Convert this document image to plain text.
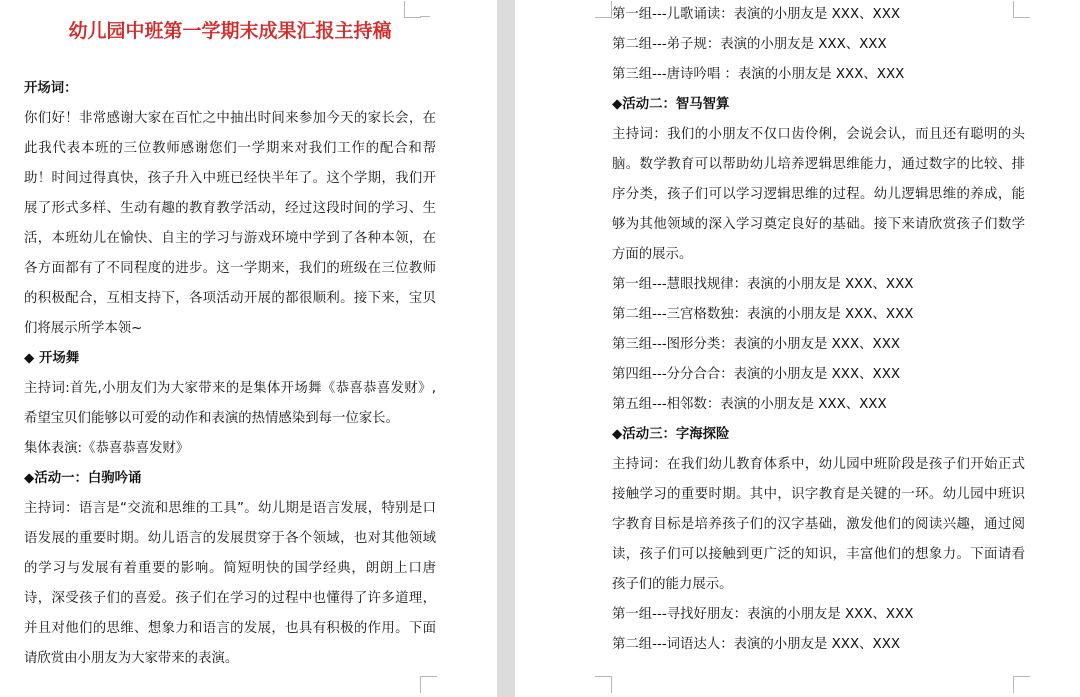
幼儿园中班第一学期末成果汇报主持稿
开场词：

你们好！非常感谢大家在百忙之中抽出时间来参加今天的家长会，在此我代表本班的三位教师感谢您们一学期来对我们工作的配合和帮助！时间过得真快，孩子升入中班已经快半年了。这个学期，我们开展了形式多样、生动有趣的教育教学活动，经过这段时间的学习、生活，本班幼儿在愉快、自主的学习与游戏环境中学到了各种本领，在各方面都有了不同程度的进步。这一学期来，我们的班级在三位教师的积极配合，互相支持下，各项活动开展的都很顺利。接下来，宝贝们将展示所学本领~

◆ 开场舞

主持词:首先,小朋友们为大家带来的是集体开场舞《恭喜恭喜发财》,希望宝贝们能够以可爱的动作和表演的热情感染到每一位家长。

集体表演:《恭喜恭喜发财》
◆活动一：白驹吟诵

主持词：语言是“交流和思维的工具”。幼儿期是语言发展，特别是口语发展的重要时期。幼儿语言的发展贯穿于各个领域，也对其他领域的学习与发展有着重要的影响。简短明快的国学经典，朗朗上口唐诗，深受孩子们的喜爱。孩子们在学习的过程中也懂得了许多道理，并且对他们的思维、想象力和语言的发展，也具有积极的作用。下面请欣赏由小朋友为大家带来的表演。

第一组---儿歌诵读：表演的小朋友是 XXX、XXX
第二组---弟子规：表演的小朋友是 XXX、XXX
第三组---唐诗吟唱 ：表演的小朋友是 XXX、XXX
◆活动二：智马智算

主持词：我们的小朋友不仅口齿伶俐，会说会认，而且还有聪明的头脑。数学教育可以帮助幼儿培养逻辑思维能力，通过数字的比较、排序分类，孩子们可以学习逻辑思维的过程。幼儿逻辑思维的养成，能够为其他领域的深入学习奠定良好的基础。接下来请欣赏孩子们数学方面的展示。

第一组---慧眼找规律：表演的小朋友是 XXX、XXX
第二组---三宫格数独：表演的小朋友是 XXX、XXX
第三组---图形分类：表演的小朋友是 XXX、XXX
第四组---分分合合：表演的小朋友是 XXX、XXX
第五组---相邻数：表演的小朋友是 XXX、XXX
◆活动三：字海探险

主持词：在我们幼儿教育体系中，幼儿园中班阶段是孩子们开始正式接触学习的重要时期。其中，识字教育是关键的一环。幼儿园中班识字教育目标是培养孩子们的汉字基础，激发他们的阅读兴趣，通过阅读，孩子们可以接触到更广泛的知识，丰富他们的想象力。下面请看孩子们的能力展示。

第一组---寻找好朋友：表演的小朋友是 XXX、XXX
第二组---词语达人：表演的小朋友是 XXX、XXX
